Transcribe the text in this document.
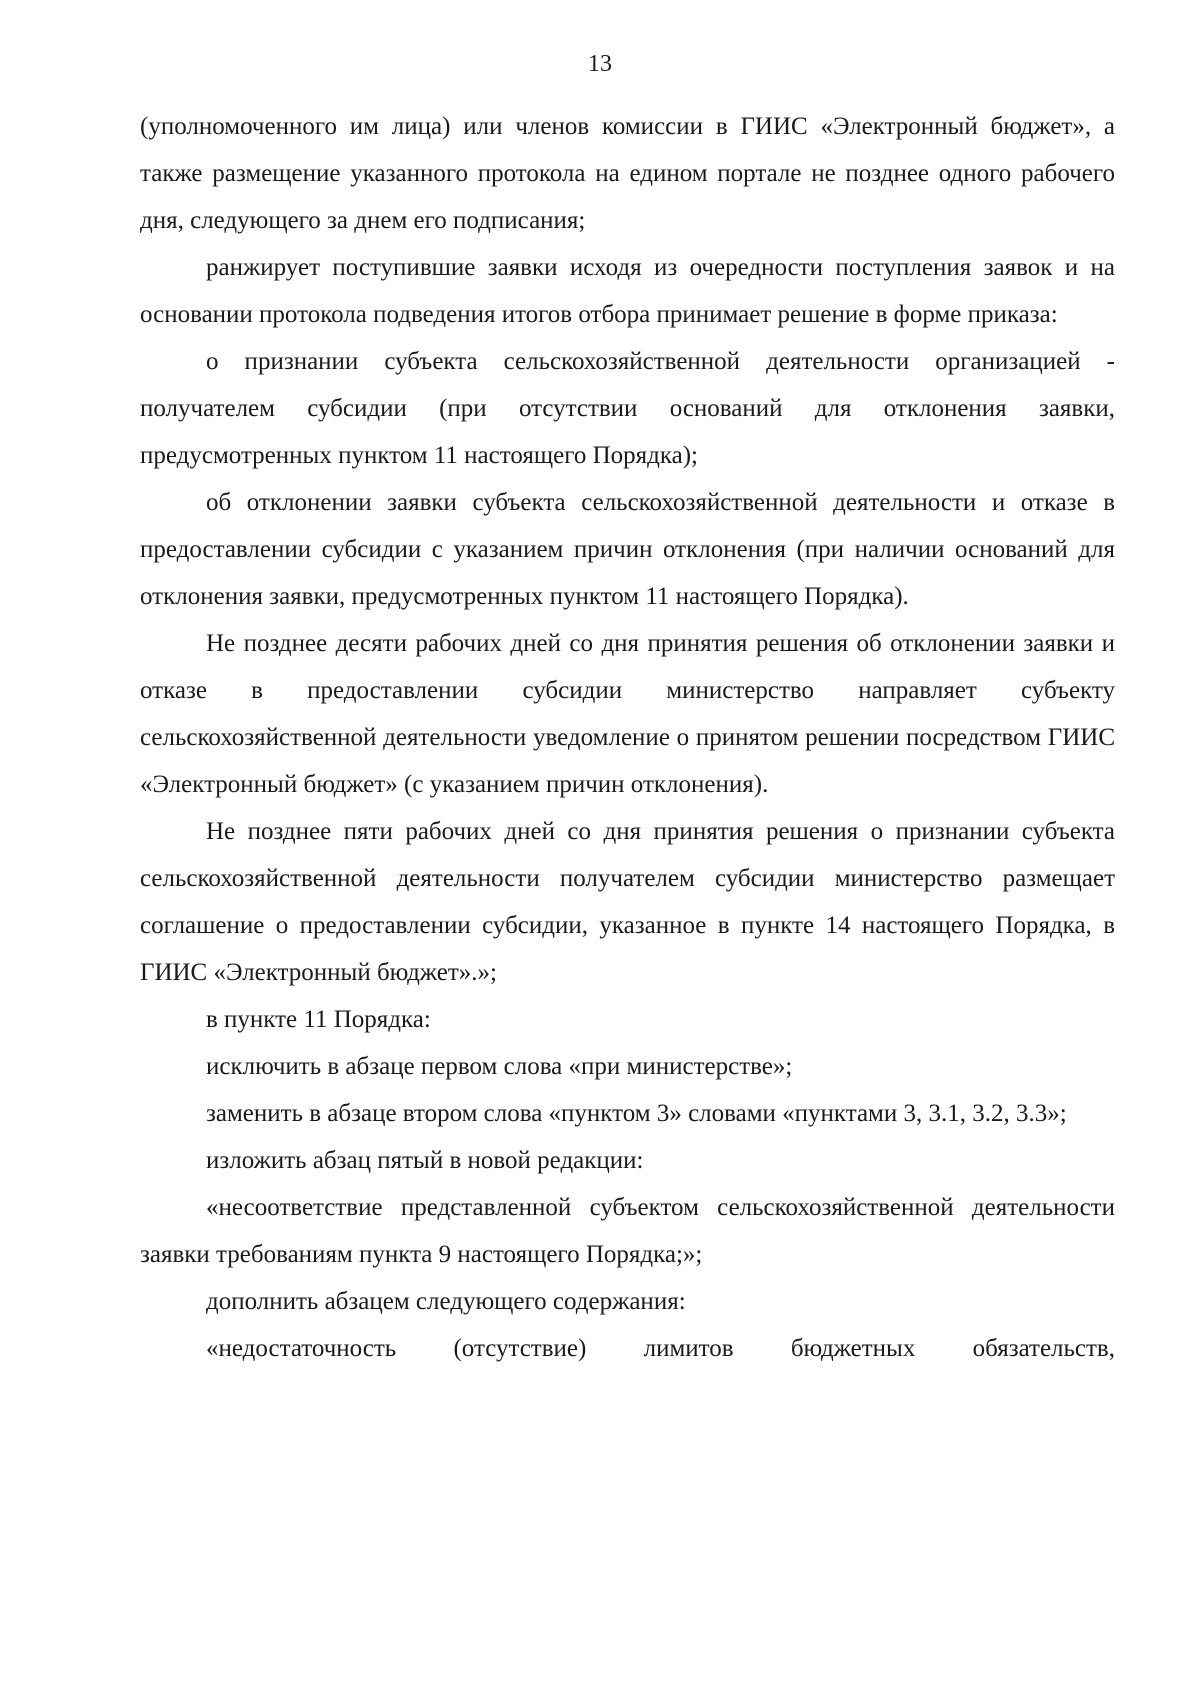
13

(уполномоченного им лица) или членов комиссии в ГИИС «Электронный бюджет», а также размещение указанного протокола на едином портале не позднее одного рабочего дня, следующего за днем его подписания;

ранжирует поступившие заявки исходя из очередности поступления заявок и на основании протокола подведения итогов отбора принимает решение в форме приказа:

о признании субъекта сельскохозяйственной деятельности организацией - получателем субсидии (при отсутствии оснований для отклонения заявки, предусмотренных пунктом 11 настоящего Порядка);

об отклонении заявки субъекта сельскохозяйственной деятельности и отказе в предоставлении субсидии с указанием причин отклонения (при наличии оснований для отклонения заявки, предусмотренных пунктом 11 настоящего Порядка).

Не позднее десяти рабочих дней со дня принятия решения об отклонении заявки и отказе в предоставлении субсидии министерство направляет субъекту сельскохозяйственной деятельности уведомление о принятом решении посредством ГИИС «Электронный бюджет» (с указанием причин отклонения).

Не позднее пяти рабочих дней со дня принятия решения о признании субъекта сельскохозяйственной деятельности получателем субсидии министерство размещает соглашение о предоставлении субсидии, указанное в пункте 14 настоящего Порядка, в ГИИС «Электронный бюджет».»;

в пункте 11 Порядка:

исключить в абзаце первом слова «при министерстве»;

заменить в абзаце втором слова «пунктом 3» словами «пунктами 3, 3.1, 3.2, 3.3»;

изложить абзац пятый в новой редакции:

«несоответствие представленной субъектом сельскохозяйственной деятельности заявки требованиям пункта 9 настоящего Порядка;»;

дополнить абзацем следующего содержания:

«недостаточность (отсутствие) лимитов бюджетных обязательств,
